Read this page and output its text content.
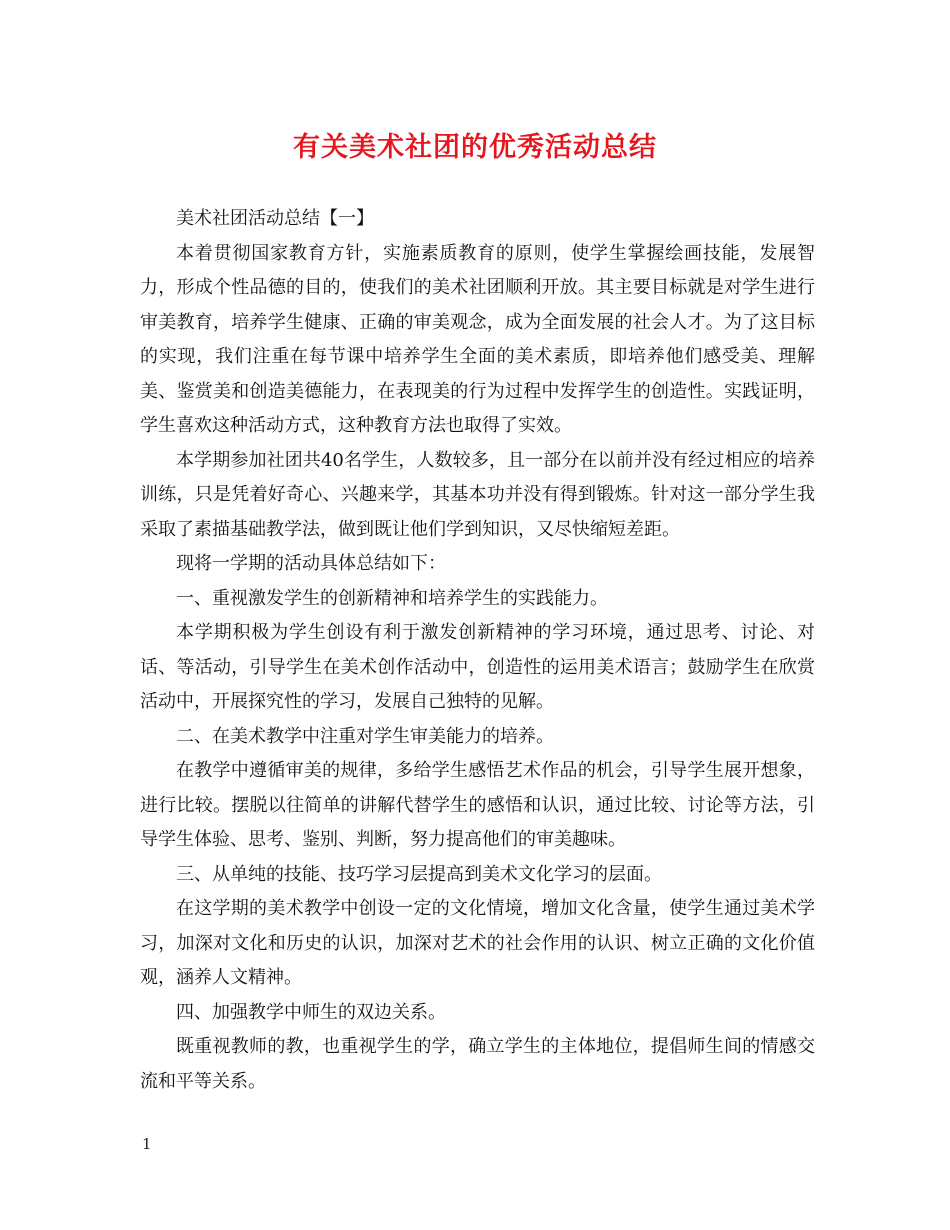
有关美术社团的优秀活动总结

美术社团活动总结【一】

本着贯彻国家教育方针，实施素质教育的原则，使学生掌握绘画技能，发展智力，形成个性品德的目的，使我们的美术社团顺利开放。其主要目标就是对学生进行审美教育，培养学生健康、正确的审美观念，成为全面发展的社会人才。为了这目标的实现，我们注重在每节课中培养学生全面的美术素质，即培养他们感受美、理解美、鉴赏美和创造美德能力，在表现美的行为过程中发挥学生的创造性。实践证明，学生喜欢这种活动方式，这种教育方法也取得了实效。

本学期参加社团共40名学生，人数较多，且一部分在以前并没有经过相应的培养训练，只是凭着好奇心、兴趣来学，其基本功并没有得到锻炼。针对这一部分学生我采取了素描基础教学法，做到既让他们学到知识，又尽快缩短差距。

现将一学期的活动具体总结如下：

一、重视激发学生的创新精神和培养学生的实践能力。

本学期积极为学生创设有利于激发创新精神的学习环境，通过思考、讨论、对话、等活动，引导学生在美术创作活动中，创造性的运用美术语言；鼓励学生在欣赏活动中，开展探究性的学习，发展自己独特的见解。

二、在美术教学中注重对学生审美能力的培养。

在教学中遵循审美的规律，多给学生感悟艺术作品的机会，引导学生展开想象，进行比较。摆脱以往简单的讲解代替学生的感悟和认识，通过比较、讨论等方法，引导学生体验、思考、鉴别、判断，努力提高他们的审美趣味。

三、从单纯的技能、技巧学习层提高到美术文化学习的层面。

在这学期的美术教学中创设一定的文化情境，增加文化含量，使学生通过美术学习，加深对文化和历史的认识，加深对艺术的社会作用的认识、树立正确的文化价值观，涵养人文精神。

四、加强教学中师生的双边关系。

既重视教师的教，也重视学生的学，确立学生的主体地位，提倡师生间的情感交流和平等关系。

1
